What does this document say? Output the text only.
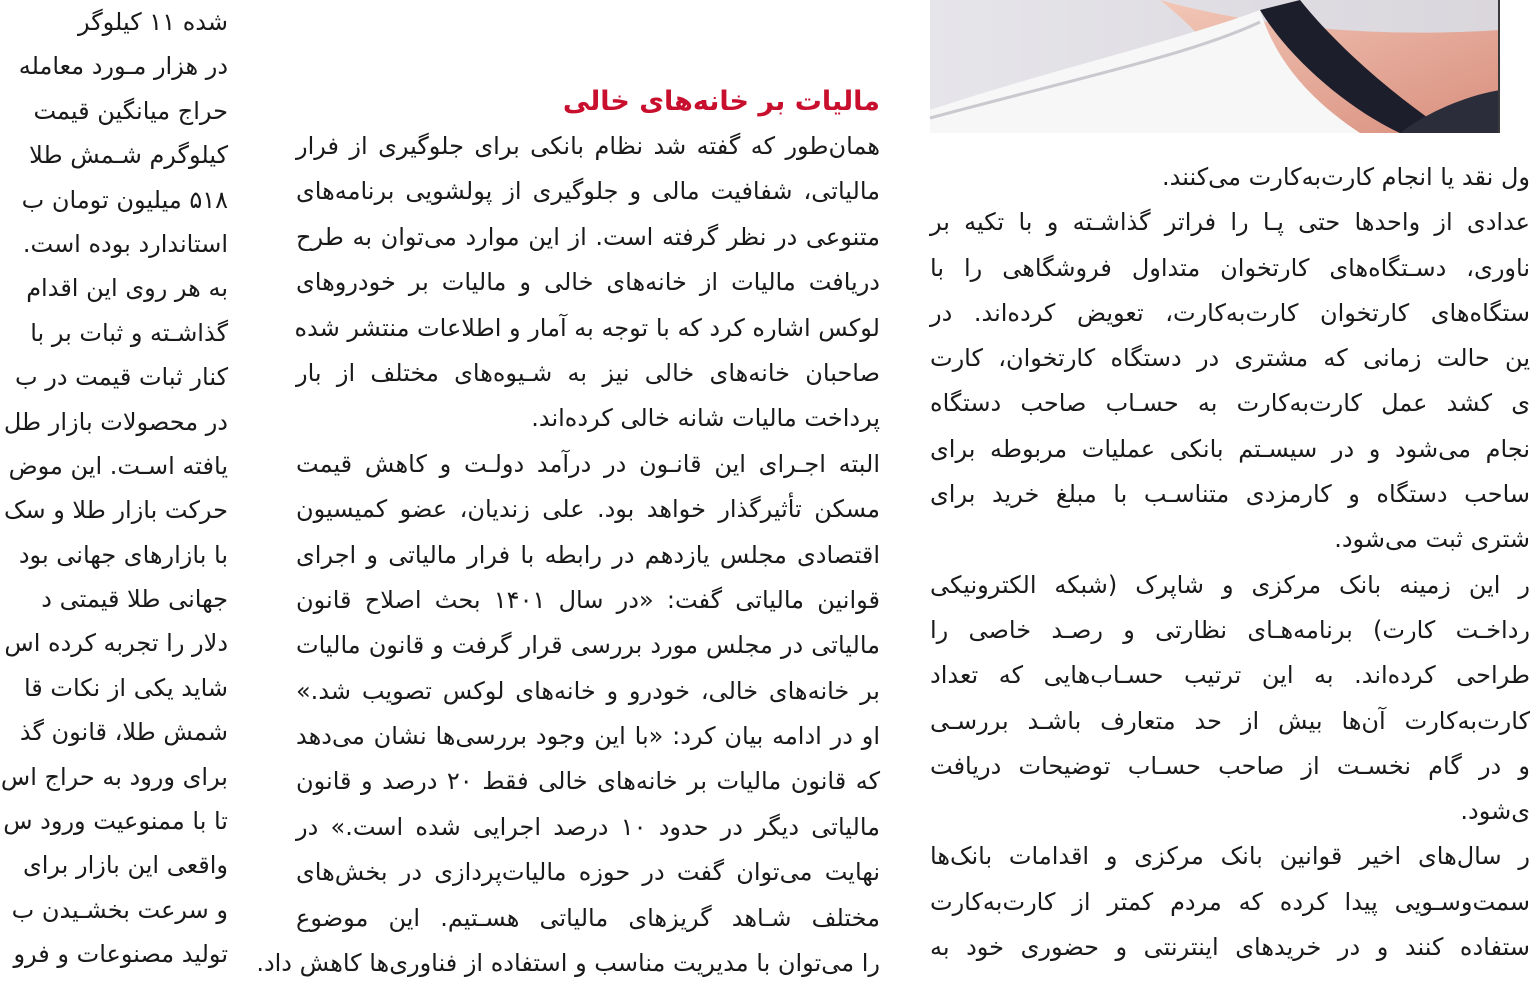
شده ۱۱ کیلوگر
در هزار مـورد معامله
حراج میانگین قیمت
کیلوگرم شـمش طلا
۵۱۸ میلیون تومان ب
استاندارد بوده است.
به هر روی این اقدام
گذاشـته و ثبات بر با
کنار ثبات قیمت در ب
در محصولات بازار طل
یافته اسـت. این موض
حرکت بازار طلا و سک
با بازارهای جهانی بود
جهانی طلا قیمتی د
دلار را تجربه کرده اس
شاید یکی از نکات قا
شمش طلا، قانون گذ
برای ورود به حراج اس
تا با ممنوعیت ورود س
واقعی این بازار برای
و سرعت بخشـیدن ب
تولید مصنوعات و فرو
مالیات بر خانه‌های خالی
همان‌طور که گفته شد نظام بانکی برای جلوگیری از فرار
مالیاتی، شفافیت مالی و جلوگیری از پولشویی برنامه‌های
متنوعی در نظر گرفته است. از این موارد می‌توان به طرح
دریافت مالیات از خانه‌های خالی و مالیات بر خودروهای
لوکس اشاره کرد که با توجه به آمار و اطلاعات منتشر شده
صاحبان خانه‌های خالی نیز به شـیوه‌های مختلف از بار
پرداخت مالیات شانه خالی کرده‌اند.
البته اجـرای این قانـون در درآمد دولـت و کاهش قیمت
مسکن تأثیرگذار خواهد بود. علی زندیان، عضو کمیسیون
اقتصادی مجلس یازدهم در رابطه با فرار مالیاتی و اجرای
قوانین مالیاتی گفت: «در سال ۱۴۰۱ بحث اصلاح قانون
مالیاتی در مجلس مورد بررسی قرار گرفت و قانون مالیات
بر خانه‌های خالی، خودرو و خانه‌های لوکس تصویب شد.»
او در ادامه بیان کرد: «با این وجود بررسی‌ها نشان می‌دهد
که قانون مالیات بر خانه‌های خالی فقط ۲۰ درصد و قانون
مالیاتی دیگر در حدود ۱۰ درصد اجرایی شده است.» در
نهایت می‌توان گفت در حوزه مالیات‌پردازی در بخش‌های
مختلف شـاهد گریزهای مالیاتی هسـتیم. این موضوع
را می‌توان با مدیریت مناسب و استفاده از فناوری‌ها کاهش داد.
ول نقد یا انجام کارت‌به‌کارت می‌کنند.
عدادی از واحدها حتی پـا را فراتر گذاشـته و با تکیه بر
ناوری، دسـتگاه‌های کارتخوان متداول فروشگاهی را با
ستگاه‌های کارتخوان کارت‌به‌کارت، تعویض کرده‌اند. در
ین حالت زمانی که مشتری در دستگاه کارتخوان، کارت
ی کشد عمل کارت‌به‌کارت به حسـاب صاحب دستگاه
نجام می‌شود و در سیسـتم بانکی عملیات مربوطه برای
ساحب دستگاه و کارمزدی متناسـب با مبلغ خرید برای
شتری ثبت می‌شود.
ر این زمینه بانک مرکزی و شاپرک (شبکه الکترونیکی
رداخـت کارت) برنامه‌هـای نظارتی و رصـد خاصی را
طراحی کرده‌اند. به این ترتیب حسـاب‌هایی که تعداد
کارت‌به‌کارت آن‌ها بیش از حد متعارف باشـد بررسـی
و در گام نخسـت از صاحب حسـاب توضیحات دریافت
ی‌شود.
ر سال‌های اخیر قوانین بانک مرکزی و اقدامات بانک‌ها
سمت‌وسـویی پیدا کرده که مردم کمتر از کارت‌به‌کارت
ستفاده کنند و در خریدهای اینترنتی و حضوری خود به
